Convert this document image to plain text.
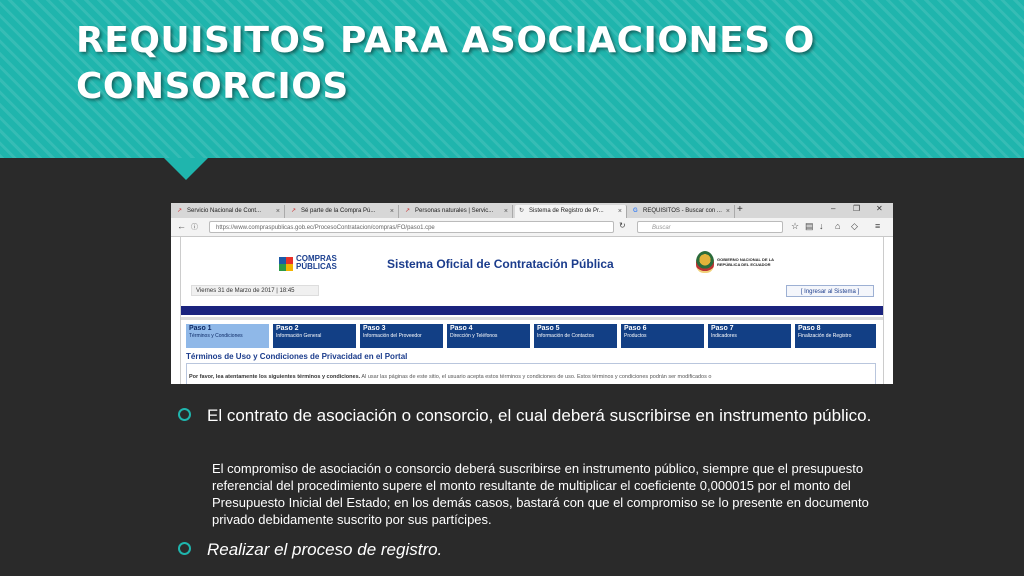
REQUISITOS PARA ASOCIACIONES O CONSORCIOS
↗ Servicio Nacional de Cont... × ↗ Sé parte de la Compra Pú... × ↗ Personas naturales | Servic... × ↻ Sistema de Registro de Pr... × G REQUISITOS - Buscar con ... × +	– ❐ ✕
← ⓘ	https://www.compraspublicas.gob.ec/ProcesoContratacion/compras/FO/paso1.cpe	↻	Buscar	☆ ▤ ↓ ⌂ ◇ ≡
COMPRAS PÚBLICAS	Sistema Oficial de Contratación Pública	GOBIERNO NACIONAL DE LA REPÚBLICA DEL ECUADOR
Viernes 31 de Marzo de 2017 | 18:45	[ Ingresar al Sistema ]
Paso 1
Términos y Condiciones
Paso 2
Información General
Paso 3
Información del Proveedor
Paso 4
Dirección y Teléfonos
Paso 5
Información de Contactos
Paso 6
Productos
Paso 7
Indicadores
Paso 8
Finalización de Registro
Términos de Uso y Condiciones de Privacidad en el Portal
Por favor, lea atentamente los siguientes términos y condiciones. Al usar las páginas de este sitio, el usuario acepta estos términos y condiciones de uso. Estos términos y condiciones podrán ser modificados o
El contrato de asociación o consorcio, el cual deberá suscribirse en instrumento público.
El compromiso de asociación o consorcio deberá suscribirse en instrumento público, siempre que el presupuesto referencial del procedimiento supere el monto resultante de multiplicar el coeficiente 0,000015 por el monto del Presupuesto Inicial del Estado; en los demás casos, bastará con que el compromiso se lo presente en documento privado debidamente suscrito por sus partícipes.
Realizar el proceso de registro.
